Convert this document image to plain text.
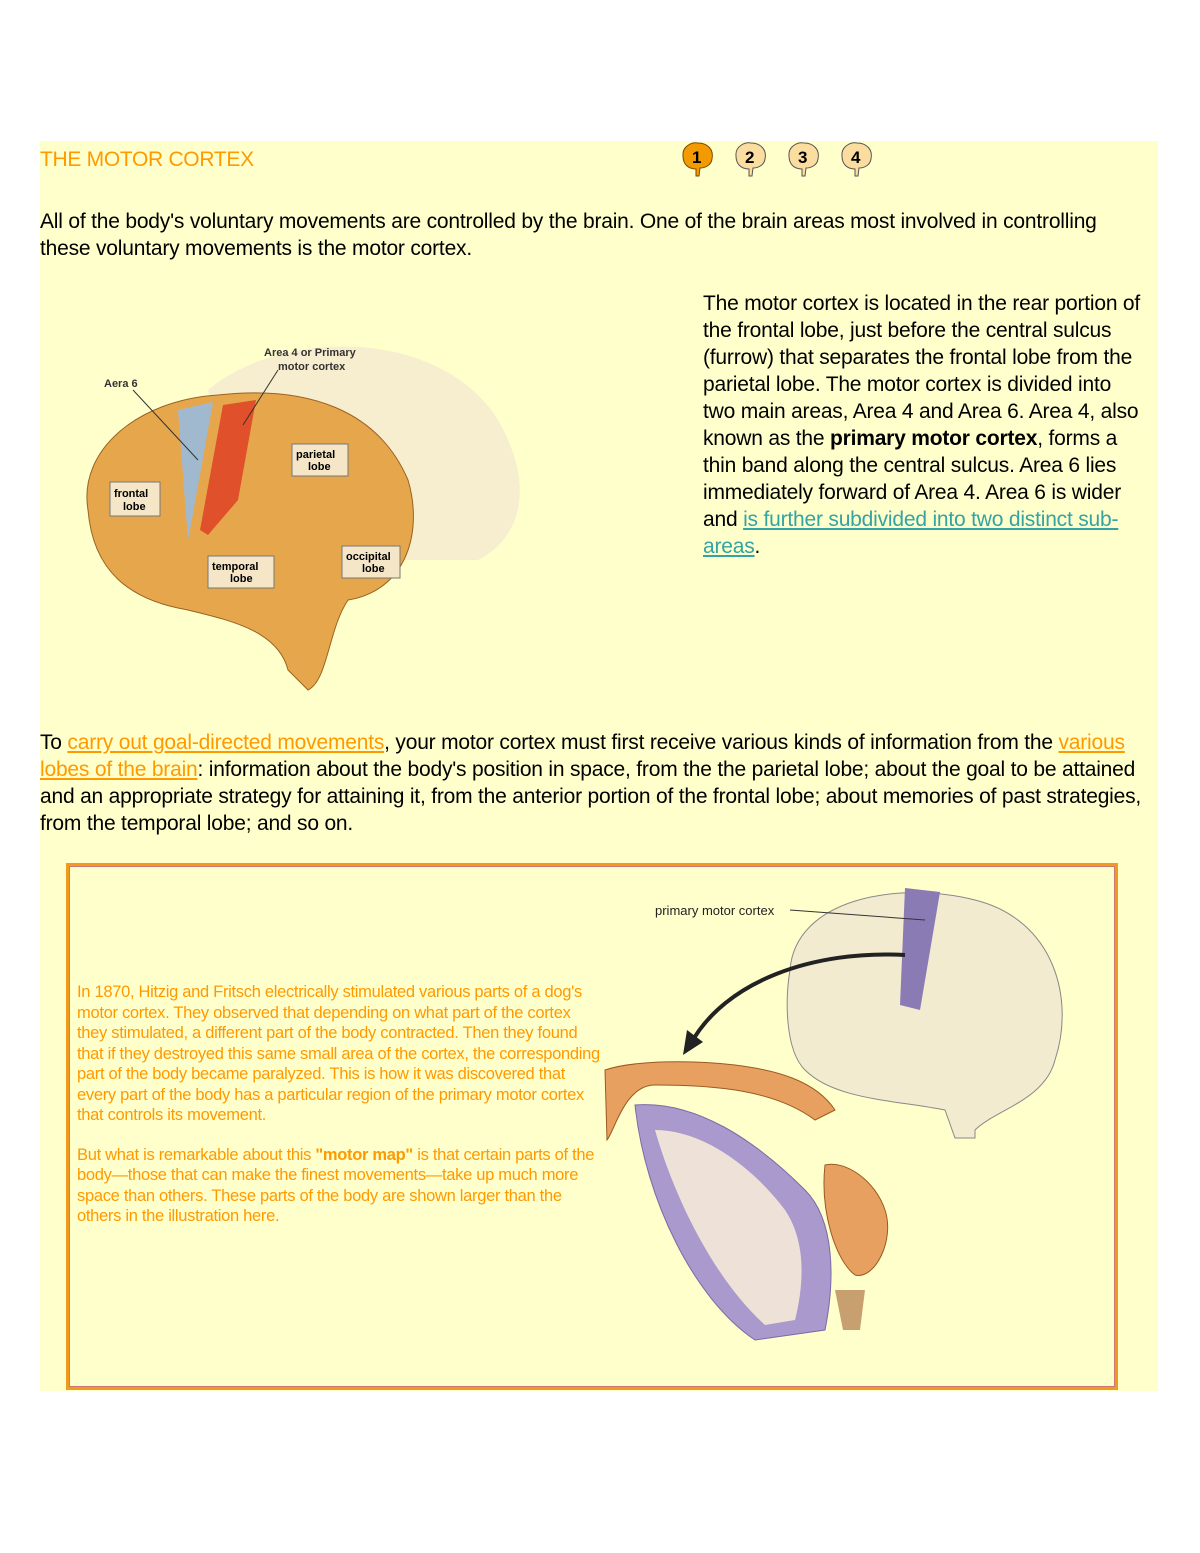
THE MOTOR CORTEX	1	2	3	4
All of the body's voluntary movements are controlled by the brain. One of the brain areas most involved in controlling these voluntary movements is the motor cortex.
Aera 6
Area 4 or Primary
motor cortex
frontal
lobe
parietal
lobe
temporal
lobe
occipital
lobe
The motor cortex is located in the rear portion of the frontal lobe, just before the central sulcus (furrow) that separates the frontal lobe from the parietal lobe. The motor cortex is divided into two main areas, Area 4 and Area 6. Area 4, also known as the primary motor cortex, forms a thin band along the central sulcus. Area 6 lies immediately forward of Area 4. Area 6 is wider and is further subdivided into two distinct sub-areas.
To carry out goal-directed movements, your motor cortex must first receive various kinds of information from the various lobes of the brain: information about the body's position in space, from the the parietal lobe; about the goal to be attained and an appropriate strategy for attaining it, from the anterior portion of the frontal lobe; about memories of past strategies, from the temporal lobe; and so on.

In 1870, Hitzig and Fritsch electrically stimulated various parts of a dog's motor cortex. They observed that depending on what part of the cortex they stimulated, a different part of the body contracted. Then they found that if they destroyed this same small area of the cortex, the corresponding part of the body became paralyzed. This is how it was discovered that every part of the body has a particular region of the primary motor cortex that controls its movement.

But what is remarkable about this "motor map" is that certain parts of the body—those that can make the finest movements—take up much more space than others. These parts of the body are shown larger than the others in the illustration here.

primary motor cortex
